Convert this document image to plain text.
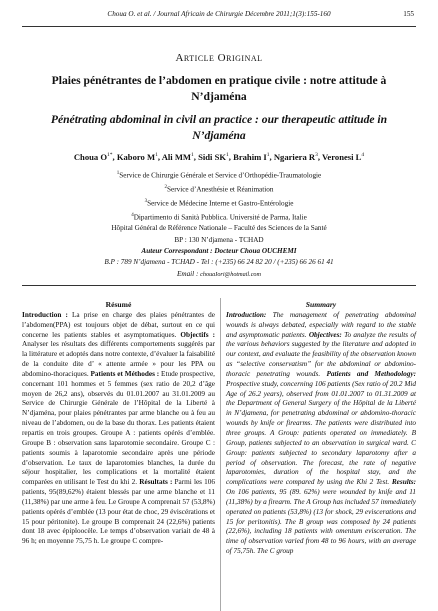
Choua O. et al. / Journal Africain de Chirurgie Décembre 2011;1(3):155-160	155
Article Original
Plaies pénétrantes de l’abdomen en pratique civile : notre attitude à N’djaména
Pénétrating abdominal in civil an practice : our therapeutic attitude in N’djaména
Choua $O^{1*}$, Kaboro $M^1$, Ali $MM^1$, Sidi $SK^1$, Brahim $I^1$, Ngariera $R^3$, Veronesi $L^4$
$^1$Service de Chirurgie Générale et Service d’Orthopédie-Traumatologie
$^2$Service d’Anesthésie et Réanimation
$^3$Service de Médecine Interne et Gastro-Entérologie
$^4$Dipartimento di Sanità Pubblica. Université de Parma, Italie
Hôpital Général de Référence Nationale – Faculté des Sciences de la Santé
BP : 130 N’djamena - TCHAD
Auteur Correspondant : Docteur Choua OUCHEMI
B.P : 789 N’djamena - TCHAD - Tel : (+235) 66 24 82 20 / (+235) 66 26 61 41
Email : chouaIori@hotmail.com
Résumé

Introduction : La prise en charge des plaies pénétrantes de l’abdomen(PPA) est toujours objet de débat, surtout en ce qui concerne les patients stables et asymptomatiques. Objectifs : Analyser les résultats des différents comportements suggérés par la littérature et adoptés dans notre contexte, d’évaluer la faisabilité de la conduite dite d’ « attente armée » pour les PPA ou abdomino-thoraciques. Patients et Méthodes : Etude prospective, concernant 101 hommes et 5 femmes (sex ratio de 20,2 d’âge moyen de 26,2 ans), observés du 01.01.2007 au 31.01.2009 au Service de Chirurgie Générale de l’Hôpital de la Liberté à N’djaména, pour plaies pénétrantes par arme blanche ou à feu au niveau de l’abdomen, ou de la base du thorax. Les patients étaient repartis en trois groupes. Groupe A : patients opérés d’emblée. Groupe B : observation sans laparotomie secondaire. Groupe C : patients soumis à laparotomie secondaire après une période d’observation. Le taux de laparotomies blanches, la durée du séjour hospitalier, les complications et la mortalité étaient comparées en utilisant le Test du khi 2. Résultats : Parmi les 106 patients, 95(89,62%) étaient blessés par une arme blanche et 11 (11,38%) par une arme à feu. Le Groupe A comprenait 57 (53,8%) patients opérés d’emblée (13 pour état de choc, 29 éviscérations et 15 pour péritonite). Le groupe B comprenait 24 (22,6%) patients dont 18 avec épiploocèle. Le temps d’observation variait de 48 à 96 h; en moyenne 75,75 h. Le groupe C compre-

Summary

Introduction: The management of penetrating abdominal wounds is always debated, especially with regard to the stable and asymptomatic patients. Objectives: To analyze the results of the various behaviors suggested by the literature and adopted in our context, and evaluate the feasibility of the observation known as “selective conservatism” for the abdominal or abdomino-thoracic penetrating wounds. Patients and Methodology: Prospective study, concerning 106 patients (Sex ratio of 20.2 Mid Age of 26.2 years), observed from 01.01.2007 to 01.31.2009 at the Department of General Surgery of the Hôpital de la Liberté in N’djamena, for penetrating abdominal or abdomino-thoracic wounds by knife or firearms. The patients were distributed into three groups. A Group: patients operated on immediately. B Group, patients subjected to an observation in surgical ward. C Group: patients subjected to secondary laparotomy after a period of observation. The forecast, the rate of negative laparotomies, duration of the hospital stay, and the complications were compared by using the Khi 2 Test. Results: On 106 patients, 95 (89. 62%) were wounded by knife and 11 (11,38%) by a firearm. The A Group has included 57 immediately operated on patients (53,8%) (13 for shock, 29 eviscerations and 15 for peritonitis). The B group was composed by 24 patients (22,6%), including 18 patients with omentum evisceration. The time of observation varied from 48 to 96 hours, with an average of 75,75h. The C group
